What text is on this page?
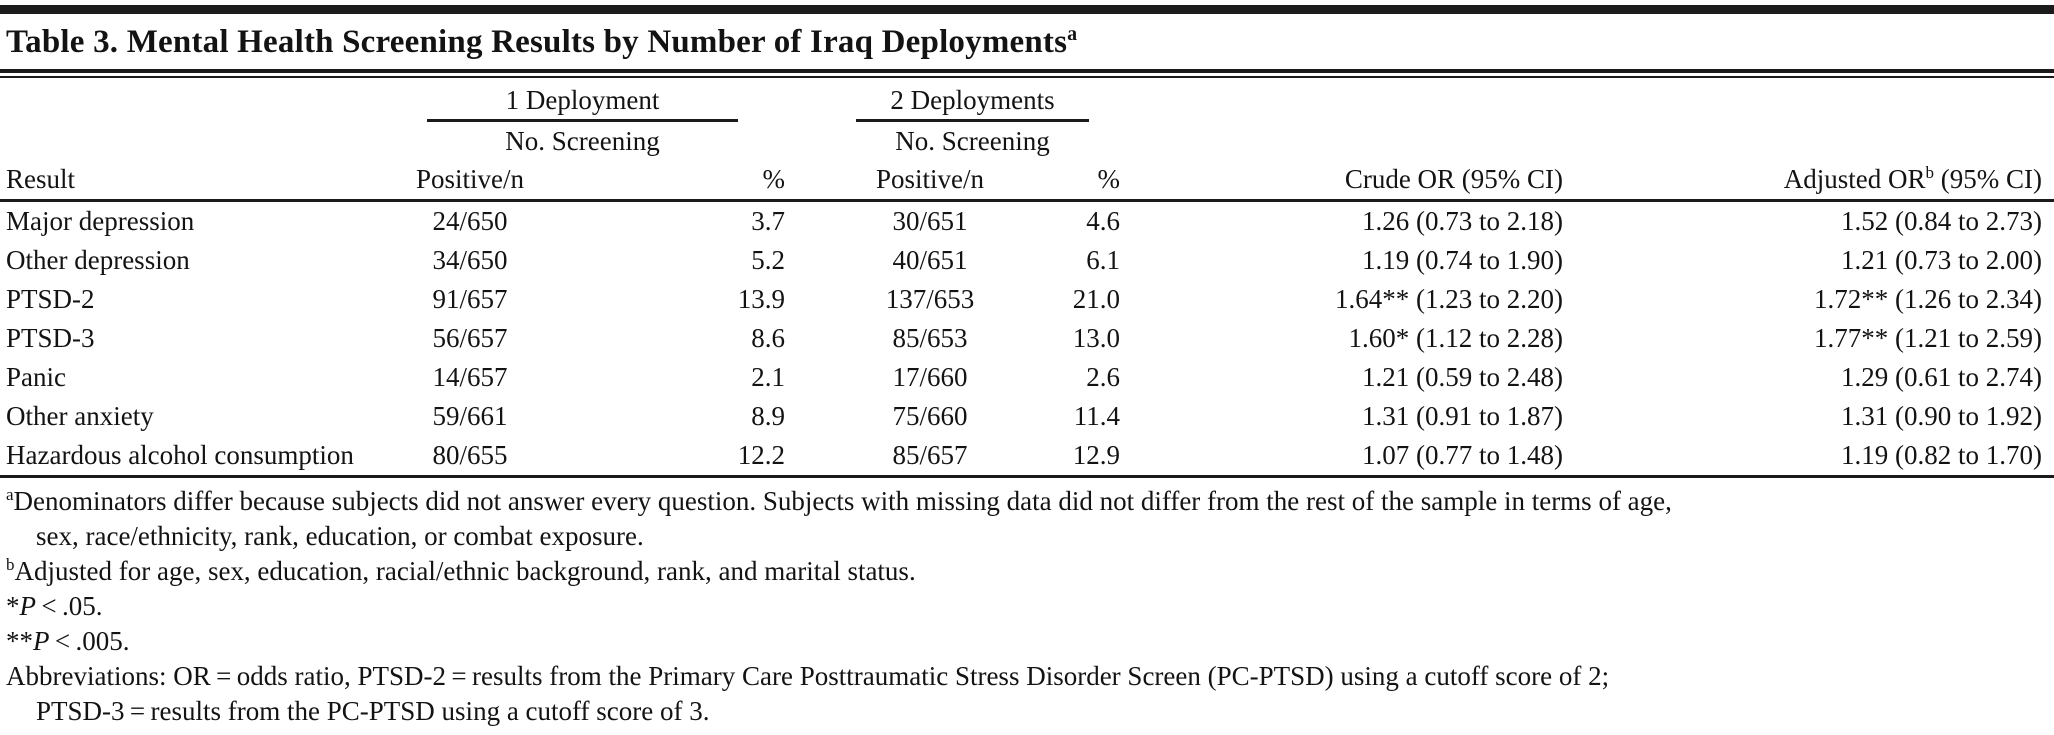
Table 3. Mental Health Screening Results by Number of Iraq Deployments$^a$

	1 Deployment		2 Deployments			

	No. Screening		No. Screening			
Result	Positive/n	%	Positive/n	%	Crude OR (95% CI)	Adjusted $OR^b$ (95% CI)
Major depression	24/650	3.7	30/651	4.6	1.26 (0.73 to 2.18)	1.52 (0.84 to 2.73)
Other depression	34/650	5.2	40/651	6.1	1.19 (0.74 to 1.90)	1.21 (0.73 to 2.00)
PTSD-2	91/657	13.9	137/653	21.0	1.64** (1.23 to 2.20)	1.72** (1.26 to 2.34)
PTSD-3	56/657	8.6	85/653	13.0	1.60* (1.12 to 2.28)	1.77** (1.21 to 2.59)
Panic	14/657	2.1	17/660	2.6	1.21 (0.59 to 2.48)	1.29 (0.61 to 2.74)
Other anxiety	59/661	8.9	75/660	11.4	1.31 (0.91 to 1.87)	1.31 (0.90 to 1.92)
Hazardous alcohol consumption	80/655	12.2	85/657	12.9	1.07 (0.77 to 1.48)	1.19 (0.82 to 1.70)
$^a$Denominators differ because subjects did not answer every question. Subjects with missing data did not differ from the rest of the sample in terms of age,
sex, race/ethnicity, rank, education, or combat exposure.
$^b$Adjusted for age, sex, education, racial/ethnic background, rank, and marital status.
*P < .05.
**P < .005.
Abbreviations: OR = odds ratio, PTSD-2 = results from the Primary Care Posttraumatic Stress Disorder Screen (PC-PTSD) using a cutoff score of 2;
PTSD-3 = results from the PC-PTSD using a cutoff score of 3.
